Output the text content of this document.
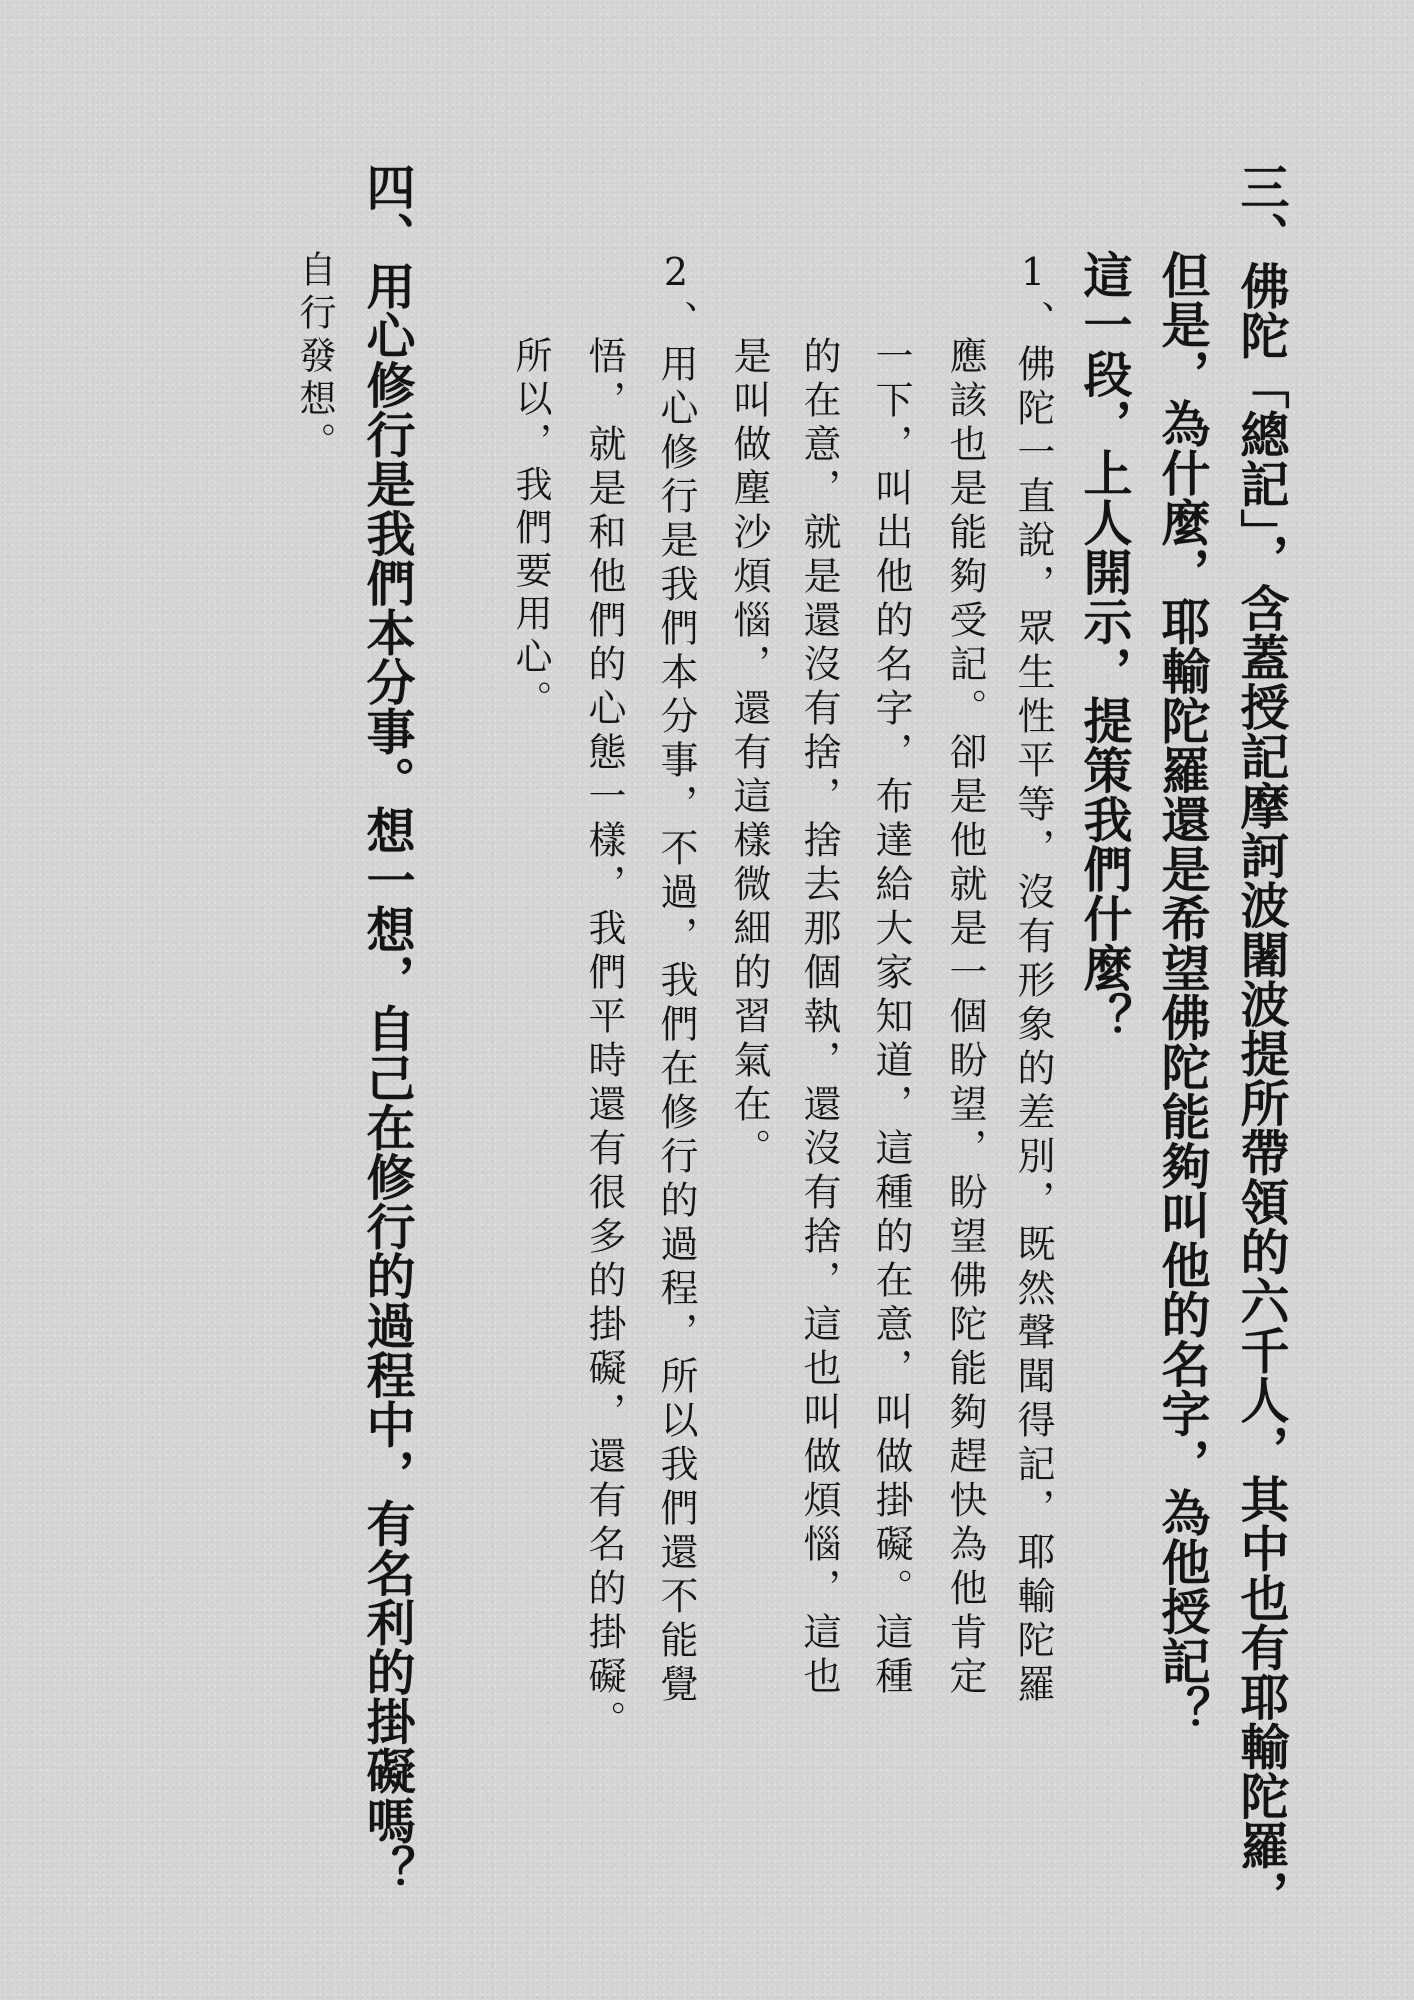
三、佛陀「總記」，含蓋授記摩訶波闍波提所帶領的六千人，其中也有耶輸陀羅，

但是，為什麼，耶輸陀羅還是希望佛陀能夠叫他的名字，為他授記？

這一段，上人開示，提策我們什麼？

1、佛陀一直說，眾生性平等，沒有形象的差別，既然聲聞得記，耶輸陀羅

應該也是能夠受記。卻是他就是一個盼望，盼望佛陀能夠趕快為他肯定

一下，叫出他的名字，布達給大家知道，這種的在意，叫做掛礙。這種

的在意，就是還沒有捨，捨去那個執，還沒有捨，這也叫做煩惱，這也

是叫做塵沙煩惱，還有這樣微細的習氣在。

2、用心修行是我們本分事，不過，我們在修行的過程，所以我們還不能覺

悟，就是和他們的心態一樣，我們平時還有很多的掛礙，還有名的掛礙。

所以，我們要用心。

四、用心修行是我們本分事。想一想，自己在修行的過程中，有名利的掛礙嗎？

自行發想。
